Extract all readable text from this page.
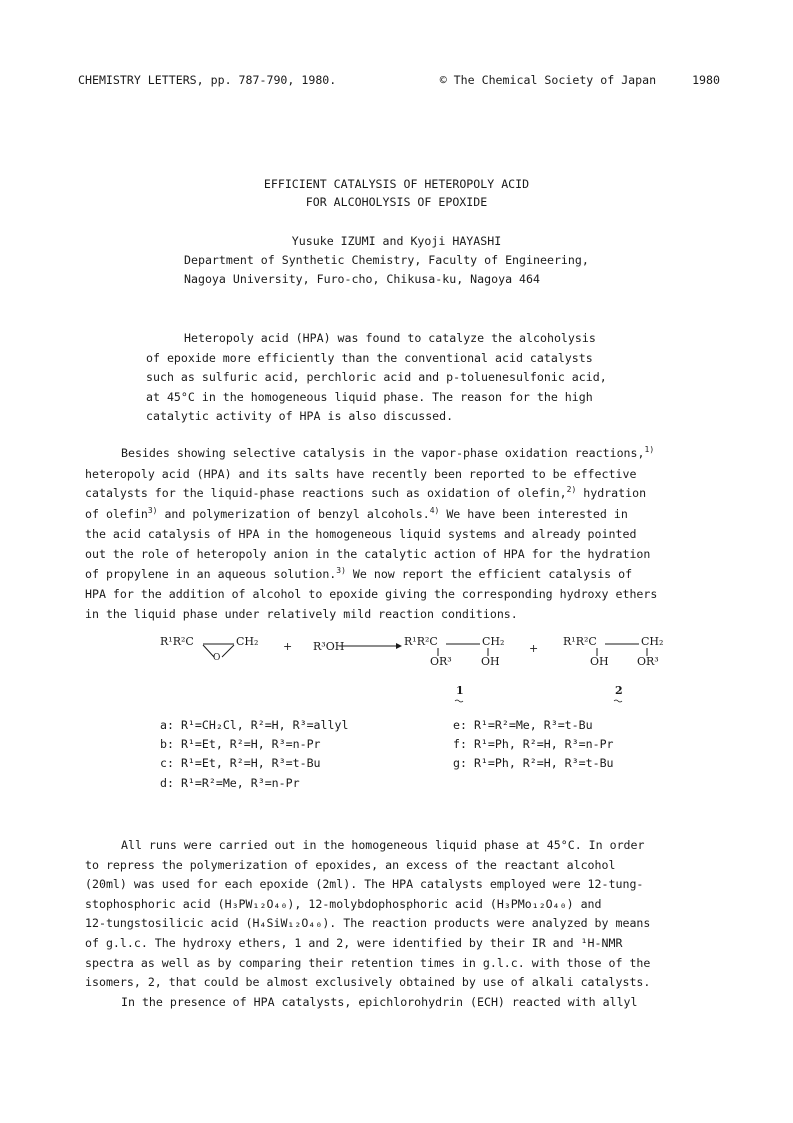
CHEMISTRY LETTERS, pp. 787-790, 1980.	© The Chemical Society of Japan	1980
EFFICIENT CATALYSIS OF HETEROPOLY ACID
FOR ALCOHOLYSIS OF EPOXIDE
Yusuke IZUMI and Kyoji HAYASHI
Department of Synthetic Chemistry, Faculty of Engineering,
Nagoya University, Furo-cho, Chikusa-ku, Nagoya 464
Heteropoly acid (HPA) was found to catalyze the alcoholysis
of epoxide more efficiently than the conventional acid catalysts
such as sulfuric acid, perchloric acid and p-toluenesulfonic acid,
at 45°C in the homogeneous liquid phase. The reason for the high
catalytic activity of HPA is also discussed.
Besides showing selective catalysis in the vapor-phase oxidation reactions,$^{1)}$
heteropoly acid (HPA) and its salts have recently been reported to be effective
catalysts for the liquid-phase reactions such as oxidation of olefin,$^{2)}$ hydration
of olefin$^{3)}$ and polymerization of benzyl alcohols.$^{4)}$ We have been interested in
the acid catalysis of HPA in the homogeneous liquid systems and already pointed
out the role of heteropoly anion in the catalytic action of HPA for the hydration
of propylene in an aqueous solution.$^{3)}$ We now report the efficient catalysis of
HPA for the addition of alcohol to epoxide giving the corresponding hydroxy ethers
in the liquid phase under relatively mild reaction conditions.
R¹R²C	CH₂
O
+ R³OH	R¹R²C	CH₂
OR³	OH
+
R¹R²C	CH₂
OH	OR³
1	2
a: R¹=CH₂Cl, R²=H, R³=allyl
b: R¹=Et, R²=H, R³=n-Pr
c: R¹=Et, R²=H, R³=t-Bu
d: R¹=R²=Me, R³=n-Pr
e: R¹=R²=Me, R³=t-Bu
f: R¹=Ph, R²=H, R³=n-Pr
g: R¹=Ph, R²=H, R³=t-Bu
All runs were carried out in the homogeneous liquid phase at 45°C. In order
to repress the polymerization of epoxides, an excess of the reactant alcohol
(20ml) was used for each epoxide (2ml). The HPA catalysts employed were 12-tung-
stophosphoric acid (H₃PW₁₂O₄₀), 12-molybdophosphoric acid (H₃PMo₁₂O₄₀) and
12-tungstosilicic acid (H₄SiW₁₂O₄₀). The reaction products were analyzed by means
of g.l.c. The hydroxy ethers, 1 and 2, were identified by their IR and ¹H-NMR
spectra as well as by comparing their retention times in g.l.c. with those of the
isomers, 2, that could be almost exclusively obtained by use of alkali catalysts.
In the presence of HPA catalysts, epichlorohydrin (ECH) reacted with allyl
